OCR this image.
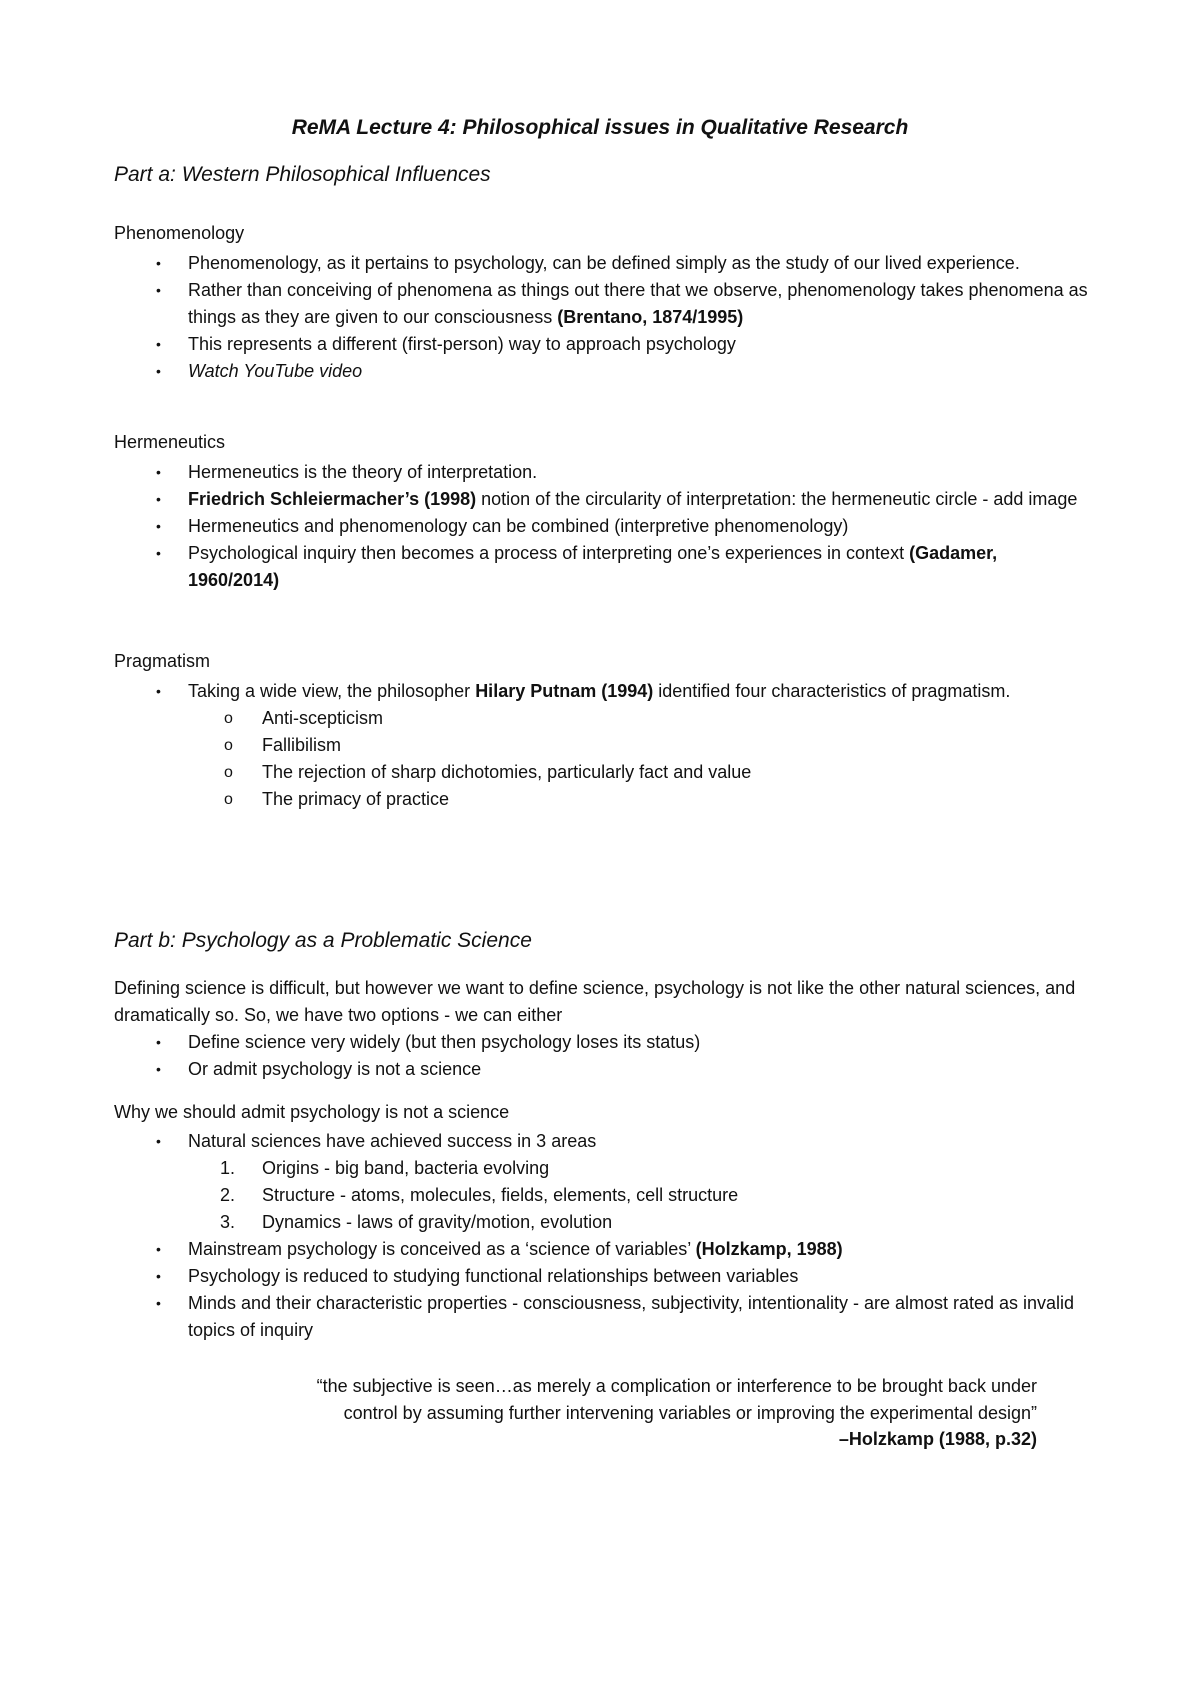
ReMA Lecture 4: Philosophical issues in Qualitative Research
Part a: Western Philosophical Influences

Phenomenology

• Phenomenology, as it pertains to psychology, can be defined simply as the study of our lived experience.
• Rather than conceiving of phenomena as things out there that we observe, phenomenology takes phenomena as things as they are given to our consciousness (Brentano, 1874/1995)
• This represents a different (first-person) way to approach psychology
• Watch YouTube video

Hermeneutics

• Hermeneutics is the theory of interpretation.
• Friedrich Schleiermacher’s (1998) notion of the circularity of interpretation: the hermeneutic circle - add image
• Hermeneutics and phenomenology can be combined (interpretive phenomenology)
• Psychological inquiry then becomes a process of interpreting one’s experiences in context (Gadamer, 1960/2014)

Pragmatism

• Taking a wide view, the philosopher Hilary Putnam (1994) identified four characteristics of pragmatism.
o Anti-scepticism
o Fallibilism
o The rejection of sharp dichotomies, particularly fact and value
o The primacy of practice
Part b: Psychology as a Problematic Science

Defining science is difficult, but however we want to define science, psychology is not like the other natural sciences, and dramatically so. So, we have two options - we can either

• Define science very widely (but then psychology loses its status)
• Or admit psychology is not a science

Why we should admit psychology is not a science

• Natural sciences have achieved success in 3 areas
1. Origins - big band, bacteria evolving
2. Structure - atoms, molecules, fields, elements, cell structure
3. Dynamics - laws of gravity/motion, evolution
• Mainstream psychology is conceived as a ‘science of variables’ (Holzkamp, 1988)
• Psychology is reduced to studying functional relationships between variables
• Minds and their characteristic properties - consciousness, subjectivity, intentionality - are almost rated as invalid topics of inquiry

“the subjective is seen…as merely a complication or interference to be brought back under

control by assuming further intervening variables or improving the experimental design”

–Holzkamp (1988, p.32)
